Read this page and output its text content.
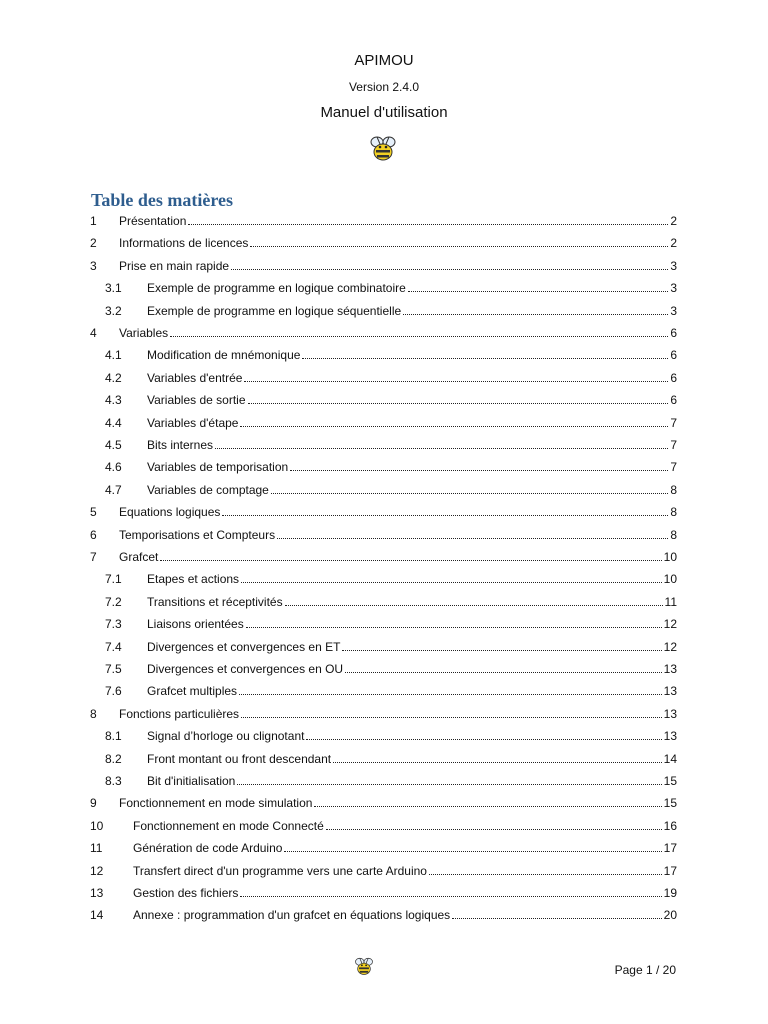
APIMOU
Version 2.4.0
Manuel d'utilisation
Table des matières
1	Présentation	2
2	Informations de licences	2
3	Prise en main rapide	3
3.1	Exemple de programme en logique combinatoire	3
3.2	Exemple de programme en logique séquentielle	3
4	Variables	6
4.1	Modification de mnémonique	6
4.2	Variables d'entrée	6
4.3	Variables de sortie	6
4.4	Variables d'étape	7
4.5	Bits internes	7
4.6	Variables de temporisation	7
4.7	Variables de comptage	8
5	Equations logiques	8
6	Temporisations et Compteurs	8
7	Grafcet	10
7.1	Etapes et actions	10
7.2	Transitions et réceptivités	11
7.3	Liaisons orientées	12
7.4	Divergences et convergences en ET	12
7.5	Divergences et convergences en OU	13
7.6	Grafcet multiples	13
8	Fonctions particulières	13
8.1	Signal d’horloge ou clignotant	13
8.2	Front montant ou front descendant	14
8.3	Bit d'initialisation	15
9	Fonctionnement en mode simulation	15
10	Fonctionnement en mode Connecté	16
11	Génération de code Arduino	17
12	Transfert direct d'un programme vers une carte Arduino	17
13	Gestion des fichiers	19
14	Annexe : programmation d'un grafcet en équations logiques	20
Page 1 / 20
